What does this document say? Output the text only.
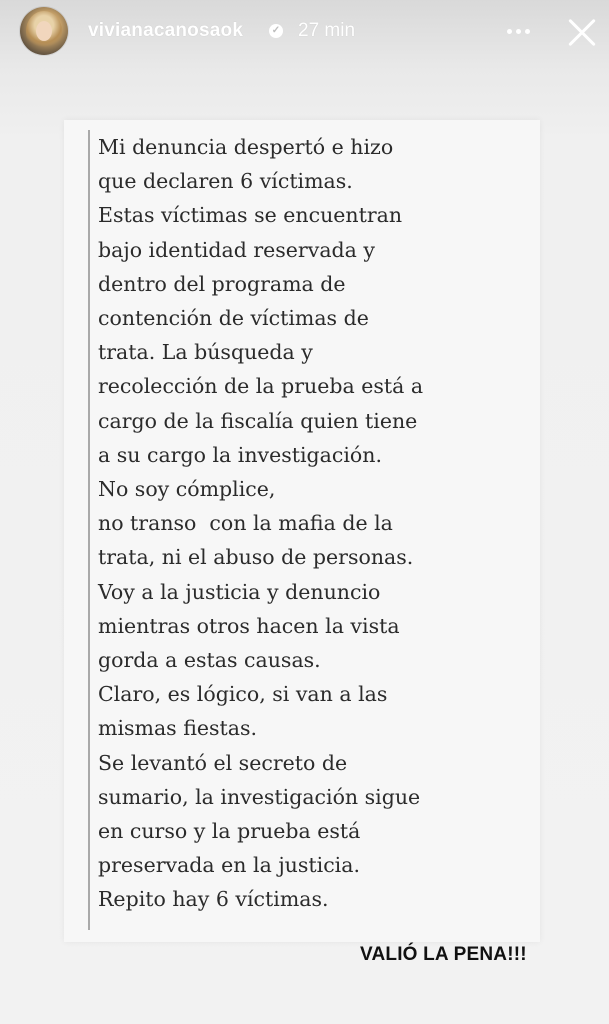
vivianacanosaok	✓ 27 min
Mi denuncia despertó e hizo
que declaren 6 víctimas.
Estas víctimas se encuentran
bajo identidad reservada y
dentro del programa de
contención de víctimas de
trata. La búsqueda y
recolección de la prueba está a
cargo de la fiscalía quien tiene
a su cargo la investigación.
No soy cómplice,
no transo  con la mafia de la
trata, ni el abuso de personas.
Voy a la justicia y denuncio
mientras otros hacen la vista
gorda a estas causas.
Claro, es lógico, si van a las
mismas fiestas.
Se levantó el secreto de
sumario, la investigación sigue
en curso y la prueba está
preservada en la justicia.
Repito hay 6 víctimas.
VALIÓ LA PENA!!!
